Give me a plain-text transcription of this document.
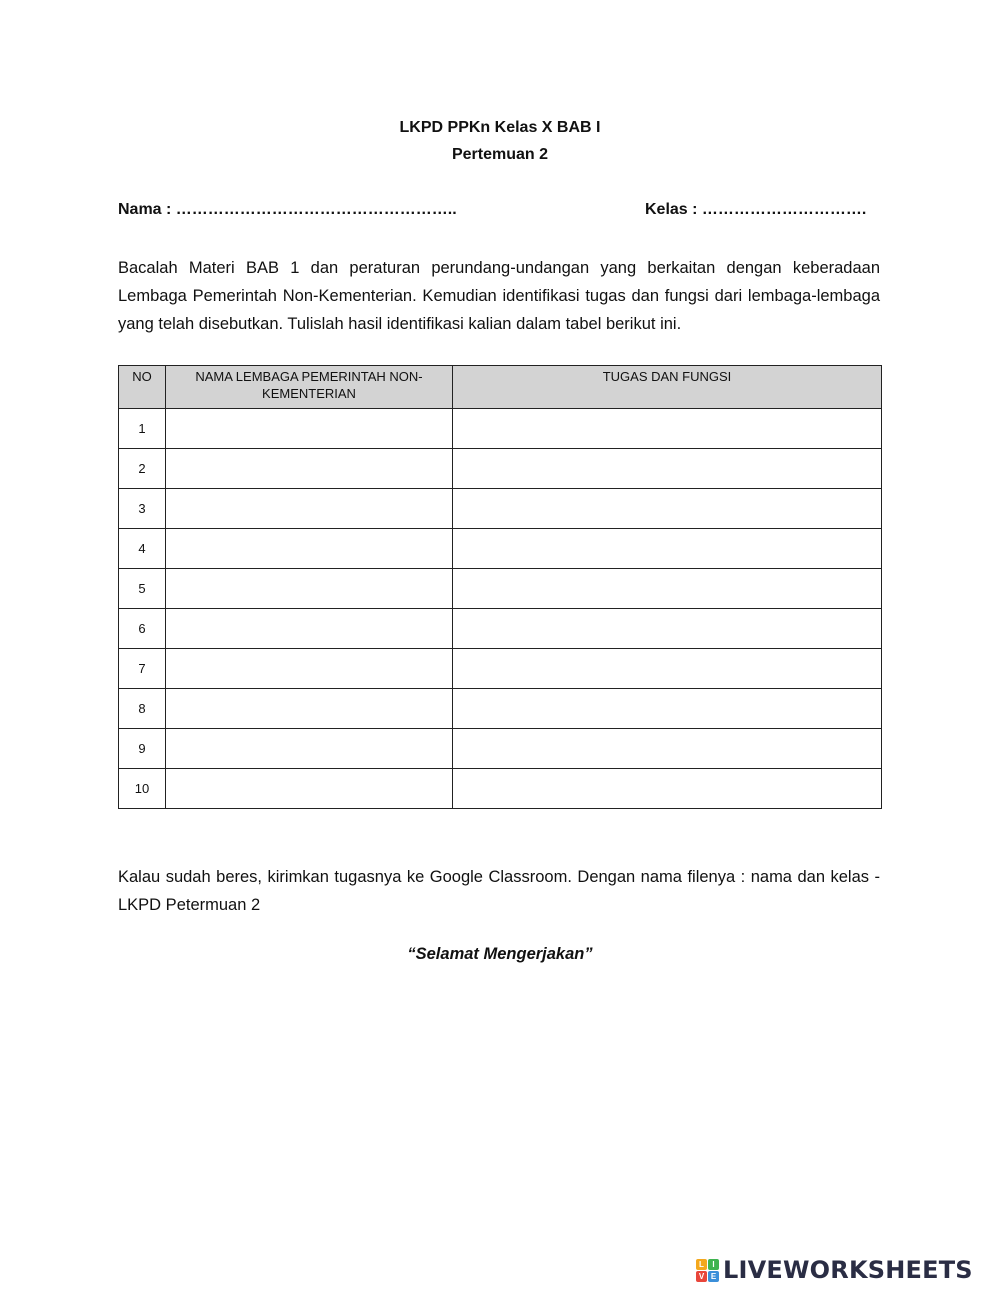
LKPD PPKn Kelas X BAB I
Pertemuan 2
Nama : ……………………………………………..	Kelas : ………………………….
Bacalah Materi BAB 1 dan peraturan perundang-undangan yang berkaitan dengan keberadaan Lembaga Pemerintah Non-Kementerian. Kemudian identifikasi tugas dan fungsi dari lembaga-lembaga yang telah disebutkan. Tulislah hasil identifikasi kalian dalam tabel berikut ini.
NO	NAMA LEMBAGA PEMERINTAH NON-KEMENTERIAN	TUGAS DAN FUNGSI
1		
2		
3		
4		
5		
6		
7		
8		
9		
10		
Kalau sudah beres, kirimkan tugasnya ke Google Classroom. Dengan nama filenya : nama dan kelas - LKPD Petermuan 2
“Selamat Mengerjakan”
L	I
V E LIVEWORKSHEETS
